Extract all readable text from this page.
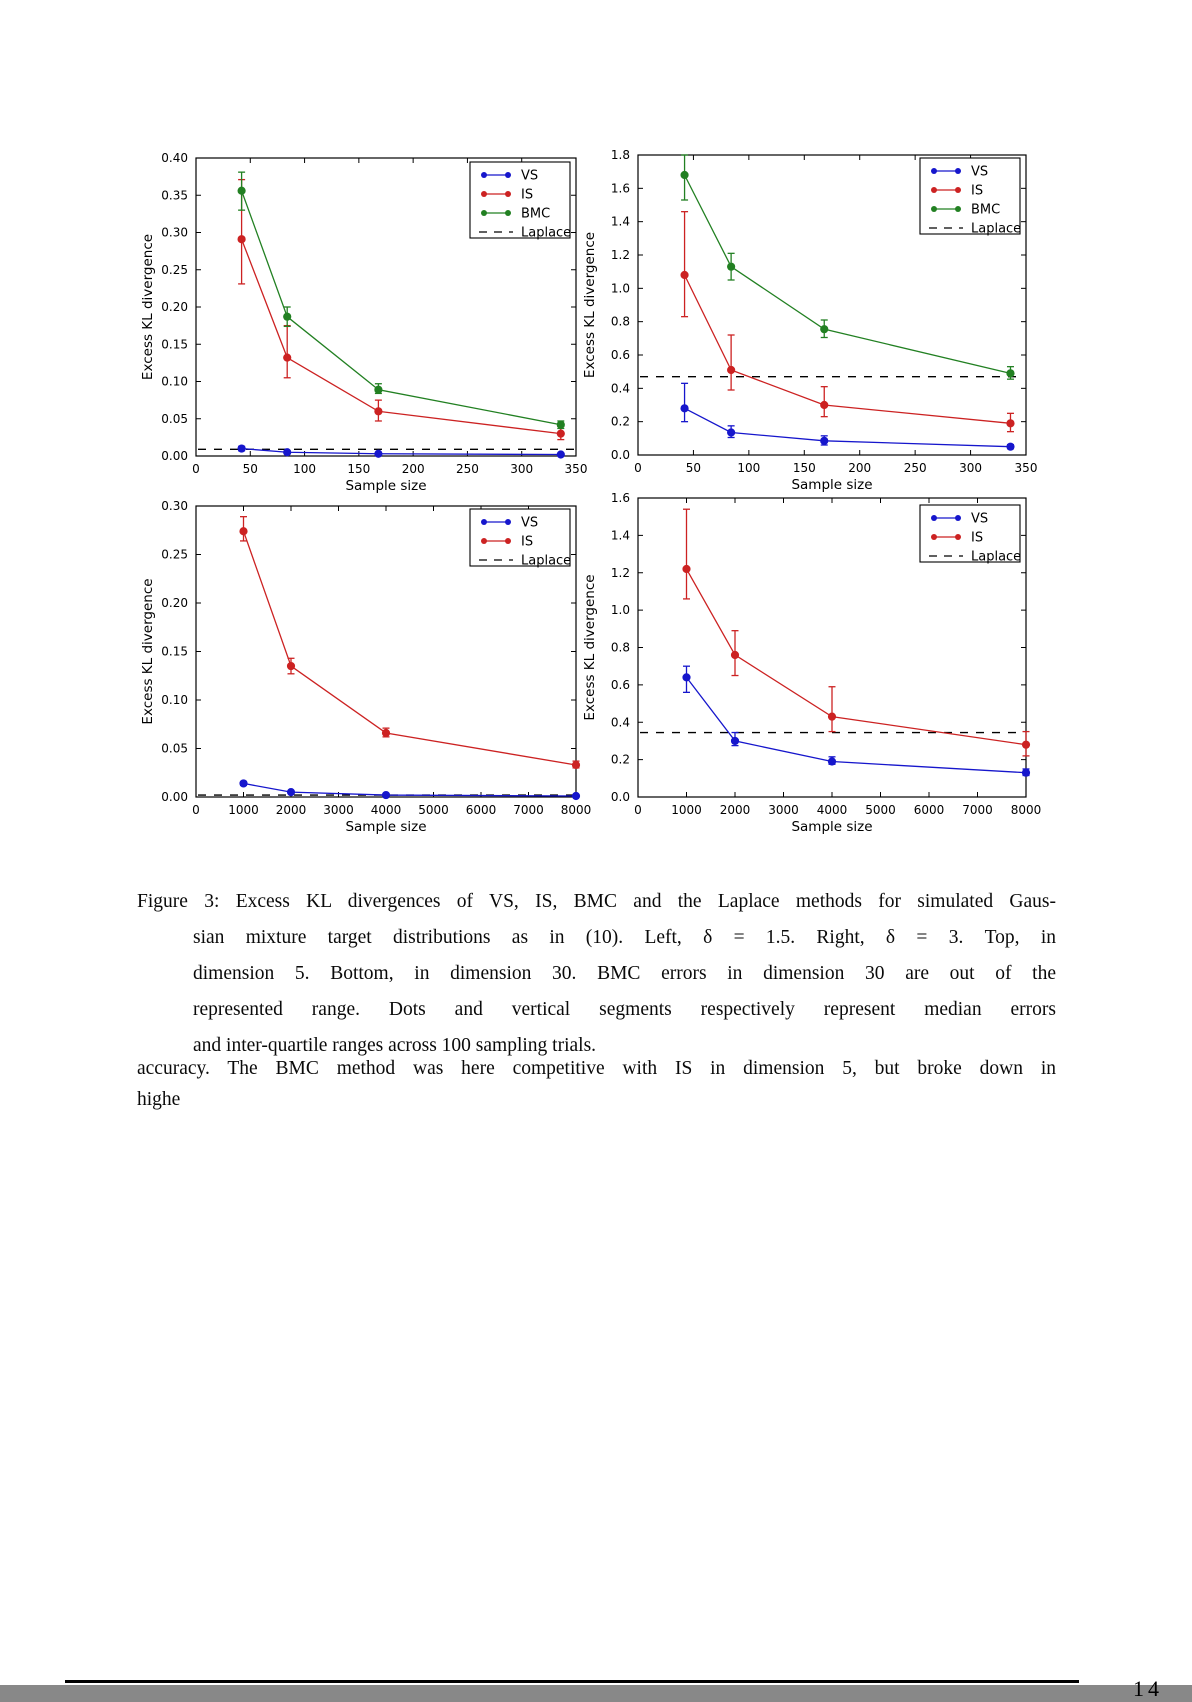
0	50	100	150	200	250	300	350
0.00
0.05
0.10
0.15
0.20
0.25
0.30
0.35
0.40
Sample size
Excess KL divergence
VS
IS
BMC
Laplace
0	50	100	150	200	250	300	350
0.0
0.2
0.4
0.6
0.8
1.0
1.2
1.4
1.6
1.8
Sample size
Excess KL divergence
VS
IS
BMC
Laplace
0 1000 2000 3000 4000 5000 6000 7000 8000
0.00
0.05
0.10
0.15
0.20
0.25
0.30
Sample size
Excess KL divergence
VS
IS
Laplace
0 1000 2000 3000 4000 5000 6000 7000 8000
0.0
0.2
0.4
0.6
0.8
1.0
1.2
1.4
1.6
Sample size
Excess KL divergence
VS
IS
Laplace
Figure 3: Excess KL divergences of VS, IS, BMC and the Laplace methods for simulated Gaus-
sian mixture target distributions as in (10). Left, δ = 1.5. Right, δ = 3. Top, in
dimension 5. Bottom, in dimension 30. BMC errors in dimension 30 are out of the
represented range. Dots and vertical segments respectively represent median errors
and inter-quartile ranges across 100 sampling trials.
accuracy. The BMC method was here competitive with IS in dimension 5, but broke down in
highe
14
